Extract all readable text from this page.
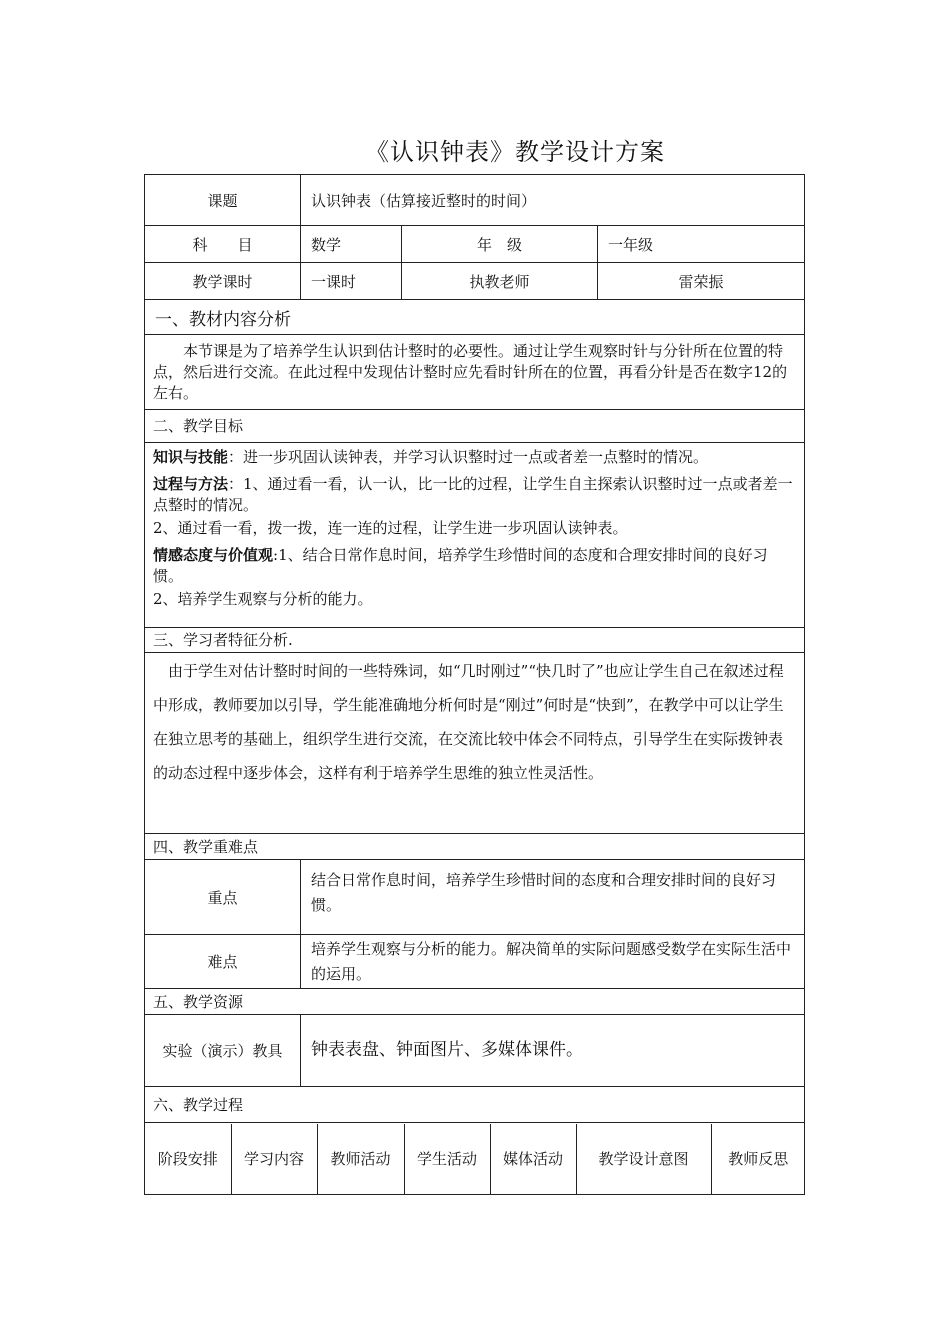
《认识钟表》教学设计方案
课题	认识钟表（估算接近整时的时间）
科　　目	数学	年　级	一年级
教学课时	一课时	执教老师	雷荣振
一、教材内容分析

本节课是为了培养学生认识到估计整时的必要性。通过让学生观察时针与分针所在位置的特点，然后进行交流。在此过程中发现估计整时应先看时针所在的位置，再看分针是否在数字12的左右。

二、教学目标

知识与技能：进一步巩固认读钟表，并学习认识整时过一点或者差一点整时的情况。

过程与方法：1、通过看一看，认一认，比一比的过程，让学生自主探索认识整时过一点或者差一点整时的情况。

2、通过看一看，拨一拨，连一连的过程，让学生进一步巩固认读钟表。

情感态度与价值观:1、结合日常作息时间，培养学生珍惜时间的态度和合理安排时间的良好习惯。

2、培养学生观察与分析的能力。

三、学习者特征分析.

由于学生对估计整时时间的一些特殊词，如“几时刚过”“快几时了”也应让学生自己在叙述过程中形成，教师要加以引导，学生能准确地分析何时是“刚过”何时是“快到”，在教学中可以让学生在独立思考的基础上，组织学生进行交流，在交流比较中体会不同特点，引导学生在实际拨钟表的动态过程中逐步体会，这样有利于培养学生思维的独立性灵活性。

四、教学重难点
重点	结合日常作息时间，培养学生珍惜时间的态度和合理安排时间的良好习惯。
难点	培养学生观察与分析的能力。解决简单的实际问题感受数学在实际生活中的运用。
五、教学资源
实验（演示）教具	钟表表盘、钟面图片、多媒体课件。
六、教学过程

阶段安排	学习内容	教师活动	学生活动	媒体活动	教学设计意图	教师反思
